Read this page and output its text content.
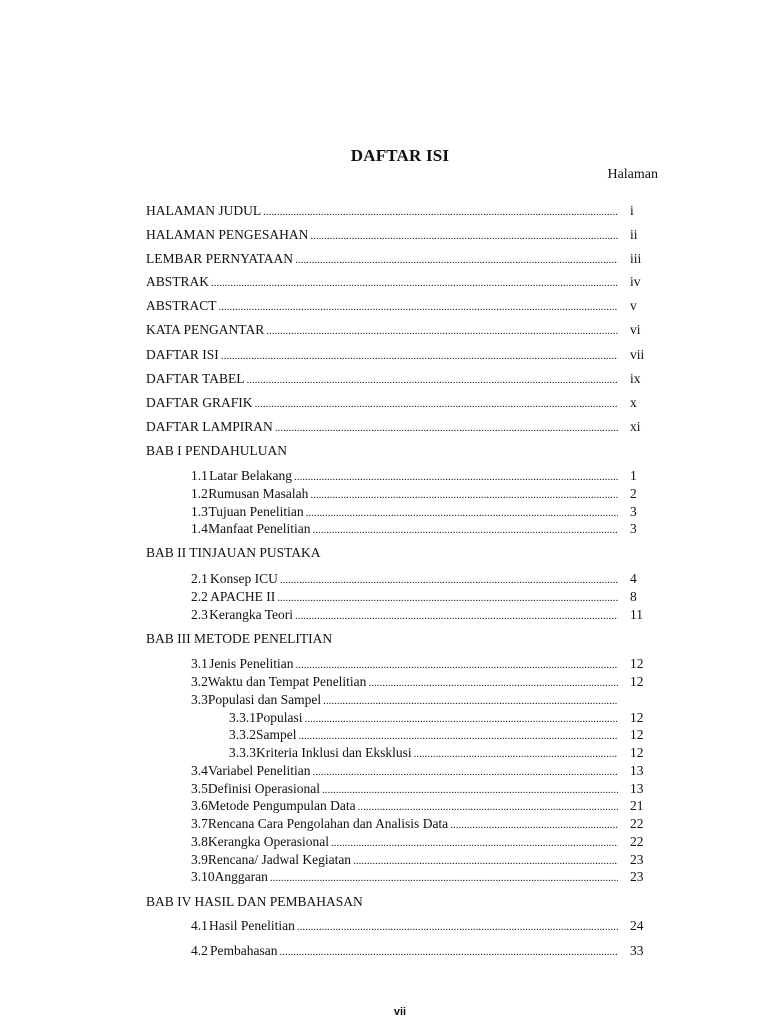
DAFTAR ISI
Halaman
HALAMAN JUDUL .....	i
HALAMAN PENGESAHAN .....	ii
LEMBAR PERNYATAAN .....	iii
ABSTRAK .....	iv
ABSTRACT .....	v
KATA PENGANTAR .....	vi
DAFTAR ISI .....	vii
DAFTAR TABEL .....	ix
DAFTAR GRAFIK .....	x
DAFTAR LAMPIRAN .....	xi
BAB I PENDAHULUAN
1.1 Latar Belakang .....	1
1.2 Rumusan Masalah .....	2
1.3 Tujuan Penelitian .....	3
1.4 Manfaat Penelitian .....	3
BAB II TINJAUAN PUSTAKA
2.1 Konsep ICU .....	4
2.2 APACHE II .....	8
2.3 Kerangka Teori .....	11
BAB III METODE PENELITIAN
3.1 Jenis Penelitian .....	12
3.2 Waktu dan Tempat Penelitian .....	12
3.3 Populasi dan Sampel
.....
3.3.1 Populasi .....	12
3.3.2 Sampel .....	12
3.3.3 Kriteria Inklusi dan Eksklusi .....	12
3.4 Variabel Penelitian .....	13
3.5 Definisi Operasional .....	13
3.6 Metode Pengumpulan Data .....	21
3.7 Rencana Cara Pengolahan dan Analisis Data .....	22
3.8 Kerangka Operasional .....	22
3.9 Rencana/ Jadwal Kegiatan .....	23
3.10 Anggaran .....	23
BAB IV HASIL DAN PEMBAHASAN
4.1 Hasil Penelitian .....	24
4.2 Pembahasan .....	33
vii
